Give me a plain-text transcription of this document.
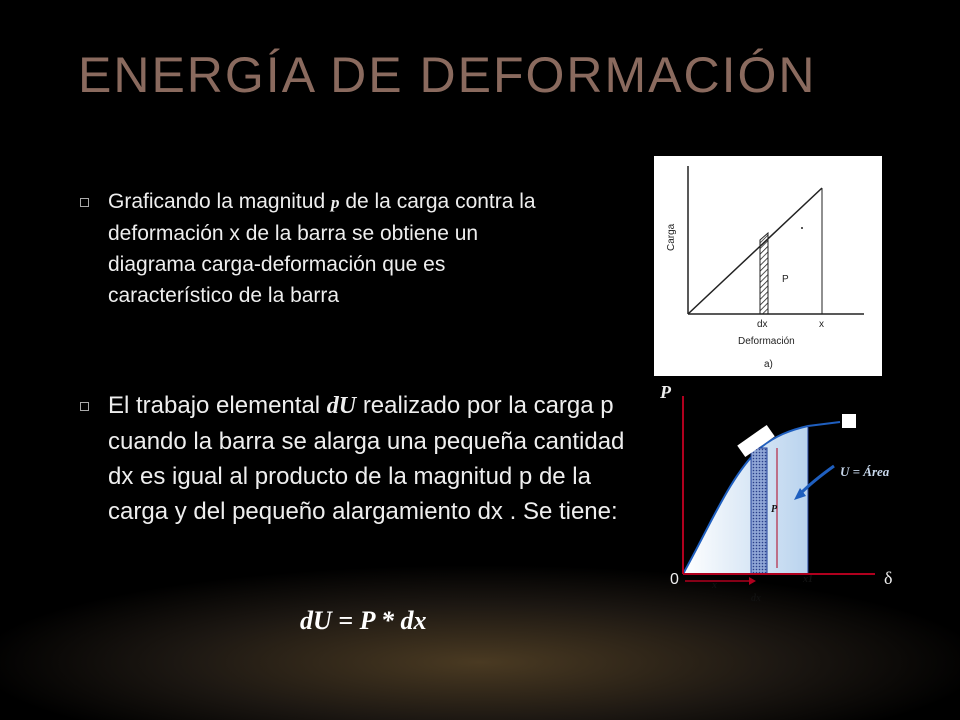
ENERGÍA DE DEFORMACIÓN
Graficando la magnitud p de la carga contra la deformación x de la barra se obtiene un diagrama carga-deformación que es característico de la barra
El trabajo elemental dU realizado por la carga p cuando la barra se alarga una pequeña cantidad dx es igual al producto de la magnitud p de la carga y del pequeño alargamiento dx . Se tiene:
dU = P * dx
Carga
P
dx	x
Deformación
a)
P
δ
0
U = Área
P
x
x1
dx
